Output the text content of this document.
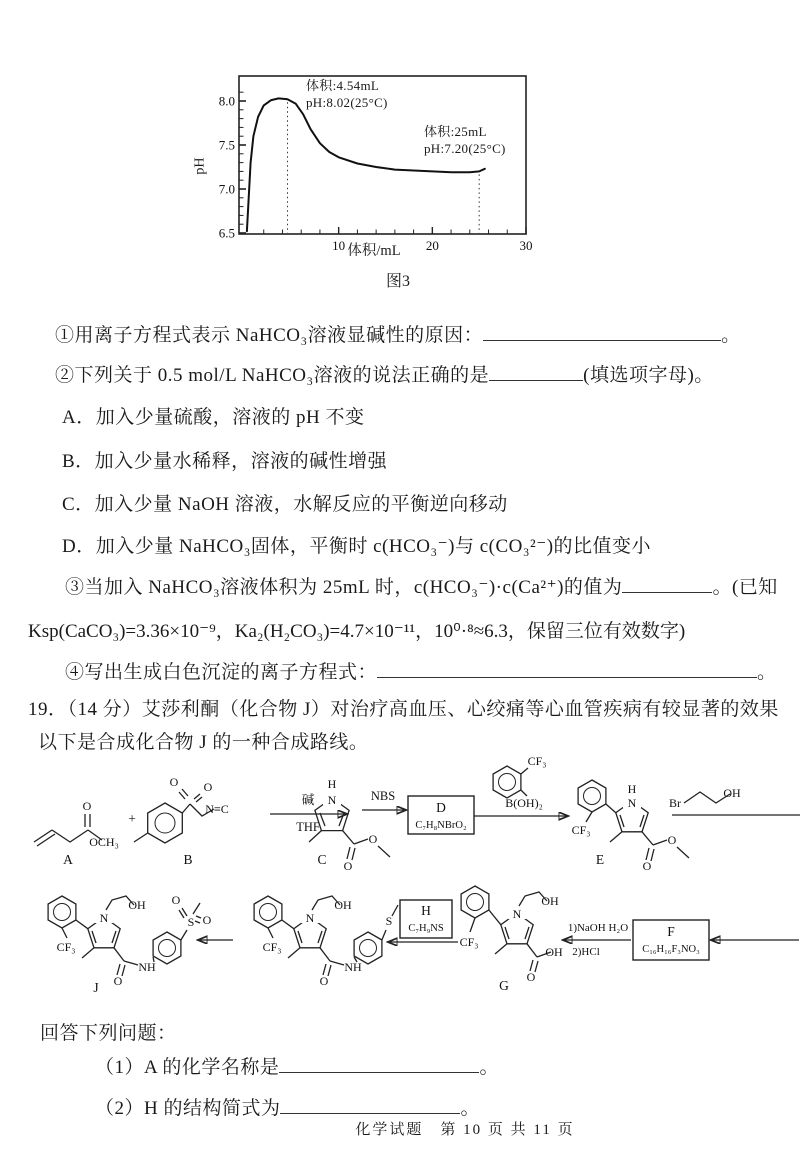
10	20	30
6.5
7.0
7.5
8.0
pH
体积:4.54mL
pH:8.02(25°C)
体积:25mL
pH:7.20(25°C)
体积/mL
图3
①用离子方程式表示 NaHCO₃溶液显碱性的原因：	。
②下列关于 0.5 mol/L NaHCO₃溶液的说法正确的是	(填选项字母)。
A．加入少量硫酸，溶液的 pH 不变
B．加入少量水稀释，溶液的碱性增强
C．加入少量 NaOH 溶液，水解反应的平衡逆向移动
D．加入少量 NaHCO₃固体，平衡时 c(HCO₃⁻)与 c(CO₃²⁻)的比值变小
③当加入 NaHCO₃溶液体积为 25mL 时，c(HCO₃⁻)·c(Ca²⁺)的值为	。(已知
Ksp(CaCO₃)=3.36×10⁻⁹，Ka₂(H₂CO₃)=4.7×10⁻¹¹，10⁰·⁸≈6.3，保留三位有效数字)
④写出生成白色沉淀的离子方程式：	。
19．（14 分）艾莎利酮（化合物 J）对治疗高血压、心绞痛等心血管疾病有较显著的效果
以下是合成化合物 J 的一种合成路线。
O
OCH₃
A
+
O O
N≡C
B
碱
THF
H
N
O
O
C
NBS
D
C₇H₈NBrO₂
CF₃
B(OH)₂
CF₃
H
N
O
O
E
Br
OH
CF₃
N
OH
O
NH
S
O
O
J
CF₃
N
OH
O
NH
S
H
C₇H₉NS
CF₃
N
OH
O
OH
G
1)NaOH H₂O
2)HCl
F
C₁₆H₁₆F₃NO₃
回答下列问题：
（1）A 的化学名称是	。
（2）H 的结构简式为	。
化学试题　第 10 页 共 11 页
